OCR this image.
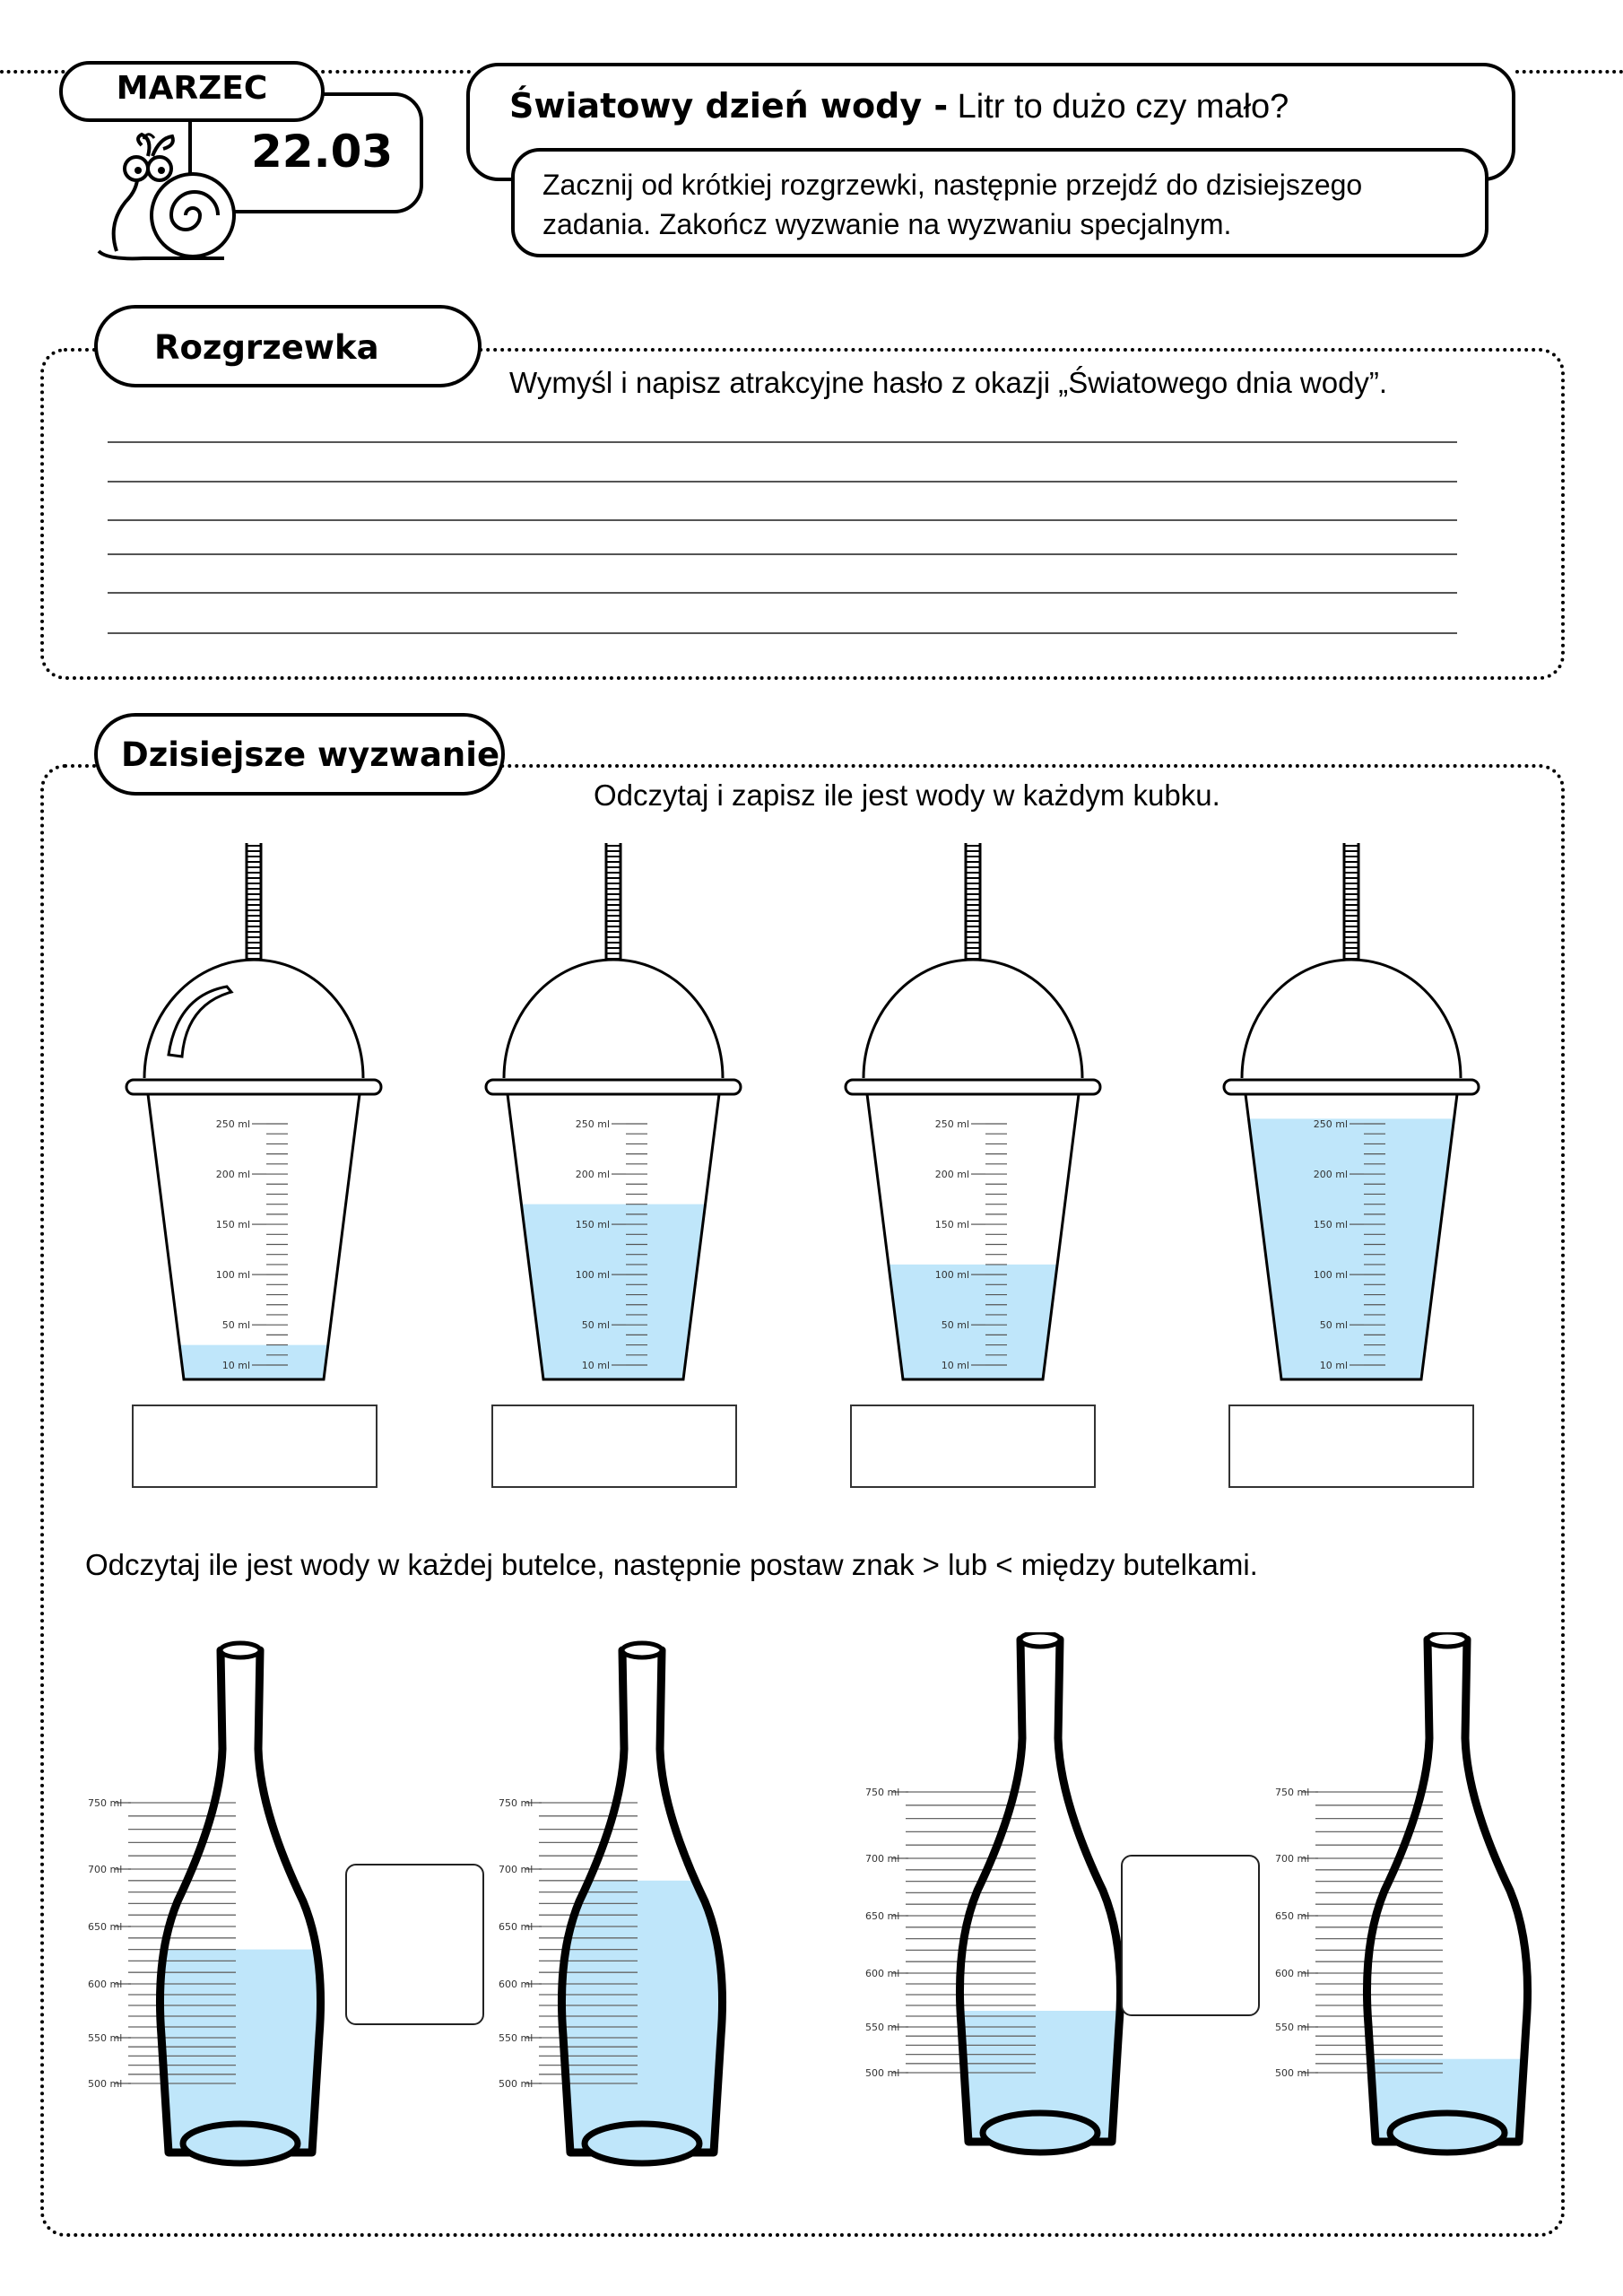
22.03
MARZEC	Światowy dzień wody - Litr to dużo czy mało?
Zacznij od krótkiej rozgrzewki, następnie przejdź do dzisiejszego
zadania. Zakończ wyzwanie na wyzwaniu specjalnym.
Rozgrzewka
Wymyśl i napisz atrakcyjne hasło z okazji „Światowego dnia wody”.
Dzisiejsze wyzwanie
Odczytaj i zapisz ile jest wody w każdym kubku.
250 ml
200 ml
150 ml
100 ml
50 ml
10 ml
250 ml
200 ml
150 ml
100 ml
50 ml
10 ml
250 ml
200 ml
150 ml
100 ml
50 ml
10 ml
250 ml
200 ml
150 ml
100 ml
50 ml
10 ml
Odczytaj ile jest wody w każdej butelce, następnie postaw znak > lub < między butelkami.
750 ml
700 ml
650 ml
600 ml
550 ml
500 ml
750 ml
700 ml
650 ml
600 ml
550 ml
500 ml
750 ml
700 ml
650 ml
600 ml
550 ml
500 ml
750 ml
700 ml
650 ml
600 ml
550 ml
500 ml
